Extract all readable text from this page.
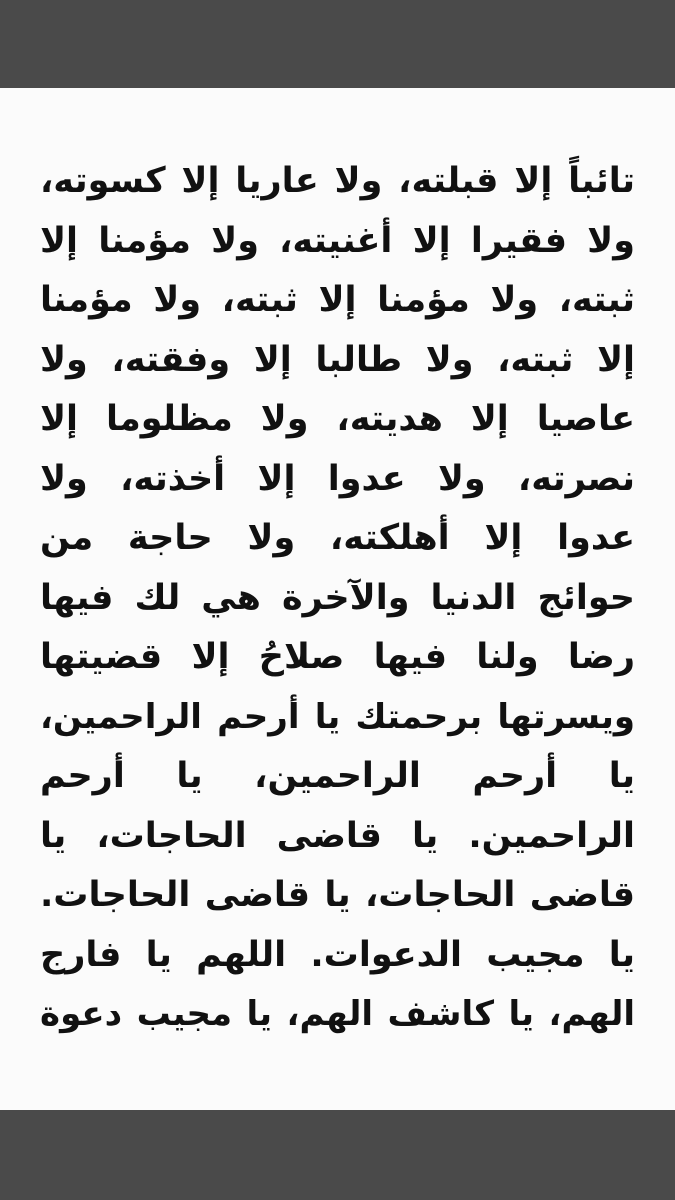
تائباً إلا قبلته، ولا عاريا إلا كسوته،
ولا فقيرا إلا أغنيته، ولا مؤمنا إلا
ثبته، ولا مؤمنا إلا ثبته، ولا مؤمنا
إلا ثبته، ولا طالبا إلا وفقته، ولا
عاصيا إلا هديته، ولا مظلوما إلا
نصرته، ولا عدوا إلا أخذته، ولا
عدوا إلا أهلكته، ولا حاجة من
حوائج الدنيا والآخرة هي لك فيها
رضا ولنا فيها صلاحُ إلا قضيتها
ويسرتها برحمتك يا أرحم الراحمين،
يا أرحم الراحمين، يا أرحم
الراحمين. يا قاضى الحاجات، يا
قاضى الحاجات، يا قاضى الحاجات.
يا مجيب الدعوات. اللهم يا فارج
الهم، يا كاشف الهم، يا مجيب دعوة
